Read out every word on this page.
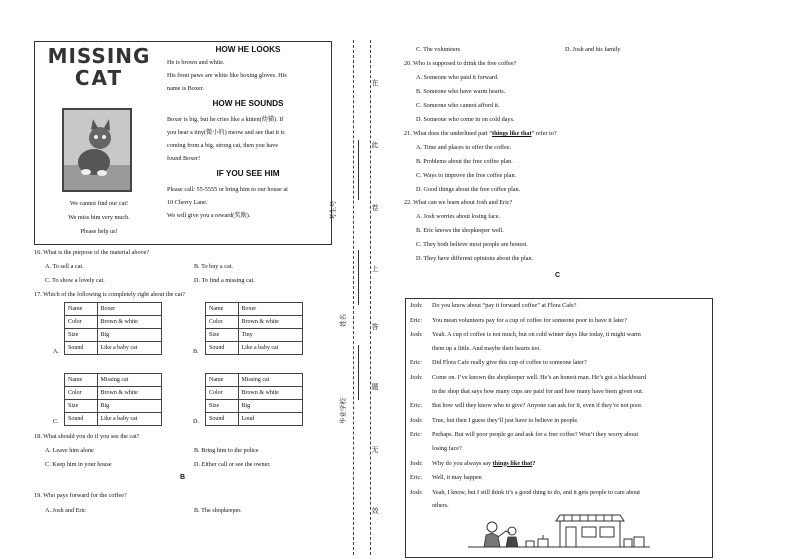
MISSING
CAT
We cannot find our cat!
We miss him very much.
Please help us!
HOW HE LOOKS
He is brown and white.
His front paws are white like boxing gloves. His
name is Boxer.
HOW HE SOUNDS
Boxer is big, but he cries like a kitten(幼猫). If
you hear a tiny(微小的) meow and see that it is
coming from a big, strong cat, then you have
found Boxer!
IF YOU SEE HIM
Please call: 55-5555 or bring him to our house at
10 Cherry Lane.
We will give you a reward(奖励).
16. What is the purpose of the material above?
A. To sell a cat.	B. To buy a cat.
C. To show a lovely cat.	D. To find a missing cat.
17. Which of the following is completely right about the cat?
A.
Name	Boxer
Color	Brown & white
Size	Big
Sound	Like a baby cat	B.
Name	Boxer
Color	Brown & white
Size	Tiny
Sound	Like a baby cat
C.
Name	Missing cat
Color	Brown & white
Size	Big
Sound	Like a baby cat	D.
Name	Missing cat
Color	Brown & white
Size	Big
Sound	Loud
18. What should you do if you see the cat?
A. Leave him alone	B. Bring him to the police
C. Keep him in your house	D. Either call or see the owner.
B
19. Who pays forward for the coffee?
A. Josh and Eric	B. The shopkeeper.
在
此
卷
上
答
题
无
效
考生号
姓名
毕业学校
C. The volunteers	D. Josh and his family
20. Who is supposed to drink the free coffee?
A. Someone who paid it forward.
B. Someone who have warm hearts.
C. Someone who cannot afford it.
D. Someone who come in on cold days.
21. What does the underlined part “things like that” refer to?
A. Time and places to offer the coffee.
B. Problems about the free coffee plan.
C. Ways to improve the free coffee plan.
D. Good things about the free coffee plan.
22. What can we learn about Josh and Eric?
A. Josh worries about losing face.
B. Eric knows the shopkeeper well.
C. They both believe most people are honest.
D. They have different opinions about the plan.
C
Josh:	Do you know about “pay it forward coffee” at Flora Cafe?
Eric:	You mean volunteers pay for a cup of coffee for someone poor to have it later?
Josh:	Yeah. A cup of coffee is not much, but on cold winter days like today, it might warm
them up a little. And maybe their hearts too.
Eric:	Did Flora Cafe really give this cup of coffee to someone later?
Josh:	Come on. I’ve known the shopkeeper well. He’s an honest man. He’s got a blackboard
in the shop that says how many cups are paid for and how many have been given out.
Eric:	But how will they know who to give? Anyone can ask for it, even if they’re not poor.
Josh:	True, but then I guess they’ll just have to believe in people.
Eric:	Perhaps. But will poor people go and ask for a free coffee? Won’t they worry about
losing face?
Josh:	Why do you always say things like that?
Eric:	Well, it may happen
Josh:	Yeah, I know, but I still think it’s a good thing to do, and it gets people to care about
others.
